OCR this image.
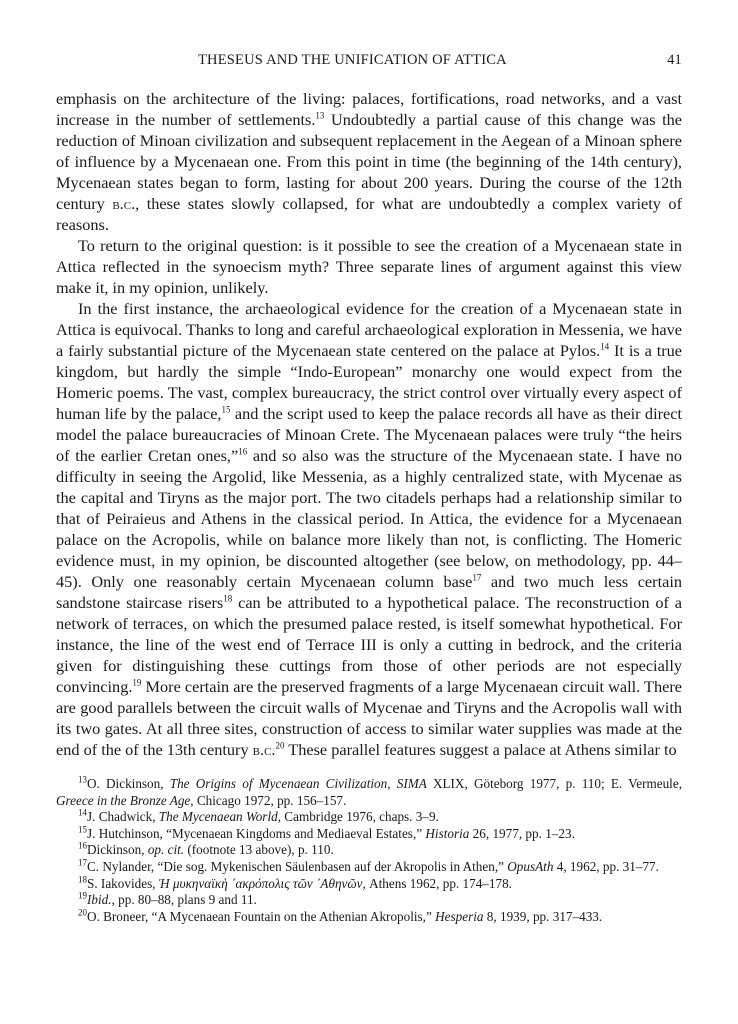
THESEUS AND THE UNIFICATION OF ATTICA	41

emphasis on the architecture of the living: palaces, fortifications, road networks, and a vast increase in the number of settlements.$^{13}$ Undoubtedly a partial cause of this change was the reduction of Minoan civilization and subsequent replacement in the Aegean of a Minoan sphere of influence by a Mycenaean one. From this point in time (the beginning of the 14th century), Mycenaean states began to form, lasting for about 200 years. During the course of the 12th century b.c., these states slowly collapsed, for what are undoubtedly a complex variety of reasons.

To return to the original question: is it possible to see the creation of a Mycenaean state in Attica reflected in the synoecism myth? Three separate lines of argument against this view make it, in my opinion, unlikely.

In the first instance, the archaeological evidence for the creation of a Mycenaean state in Attica is equivocal. Thanks to long and careful archaeological exploration in Messenia, we have a fairly substantial picture of the Mycenaean state centered on the palace at Pylos.$^{14}$ It is a true kingdom, but hardly the simple “Indo-European” monarchy one would expect from the Homeric poems. The vast, complex bureaucracy, the strict control over virtually every aspect of human life by the palace,$^{15}$ and the script used to keep the palace records all have as their direct model the palace bureaucracies of Minoan Crete. The Mycenaean palaces were truly “the heirs of the earlier Cretan ones,”$^{16}$ and so also was the structure of the Mycenaean state. I have no difficulty in seeing the Argolid, like Messenia, as a highly centralized state, with Mycenae as the capital and Tiryns as the major port. The two citadels perhaps had a relationship similar to that of Peiraieus and Athens in the classical period. In Attica, the evidence for a Mycenaean palace on the Acropolis, while on balance more likely than not, is conflicting. The Homeric evidence must, in my opinion, be discounted altogether (see below, on methodology, pp. 44–45). Only one reasonably certain Mycenaean column base$^{17}$ and two much less certain sandstone staircase risers$^{18}$ can be attributed to a hypothetical palace. The reconstruction of a network of terraces, on which the presumed palace rested, is itself somewhat hypothetical. For instance, the line of the west end of Terrace III is only a cutting in bedrock, and the criteria given for distinguishing these cuttings from those of other periods are not especially convincing.$^{19}$ More certain are the preserved fragments of a large Mycenaean circuit wall. There are good parallels between the circuit walls of Mycenae and Tiryns and the Acropolis wall with its two gates. At all three sites, construction of access to similar water supplies was made at the end of the of the 13th century b.c.$^{20}$ These parallel features suggest a palace at Athens similar to

$^{13}$O. Dickinson, The Origins of Mycenaean Civilization, SIMA XLIX, Göteborg 1977, p. 110; E. Vermeule, Greece in the Bronze Age, Chicago 1972, pp. 156–157.

$^{14}$J. Chadwick, The Mycenaean World, Cambridge 1976, chaps. 3–9.

$^{15}$J. Hutchinson, “Mycenaean Kingdoms and Mediaeval Estates,” Historia 26, 1977, pp. 1–23.

$^{16}$Dickinson, op. cit. (footnote 13 above), p. 110.

$^{17}$C. Nylander, “Die sog. Mykenischen Säulenbasen auf der Akropolis in Athen,” OpusAth 4, 1962, pp. 31–77.

$^{18}$S. Iakovides, Ἡ μυκηναϊκὴ ᾿ακρόπολις τῶν ᾿Αθηνῶν, Athens 1962, pp. 174–178.

$^{19}$Ibid., pp. 80–88, plans 9 and 11.

$^{20}$O. Broneer, “A Mycenaean Fountain on the Athenian Akropolis,” Hesperia 8, 1939, pp. 317–433.
